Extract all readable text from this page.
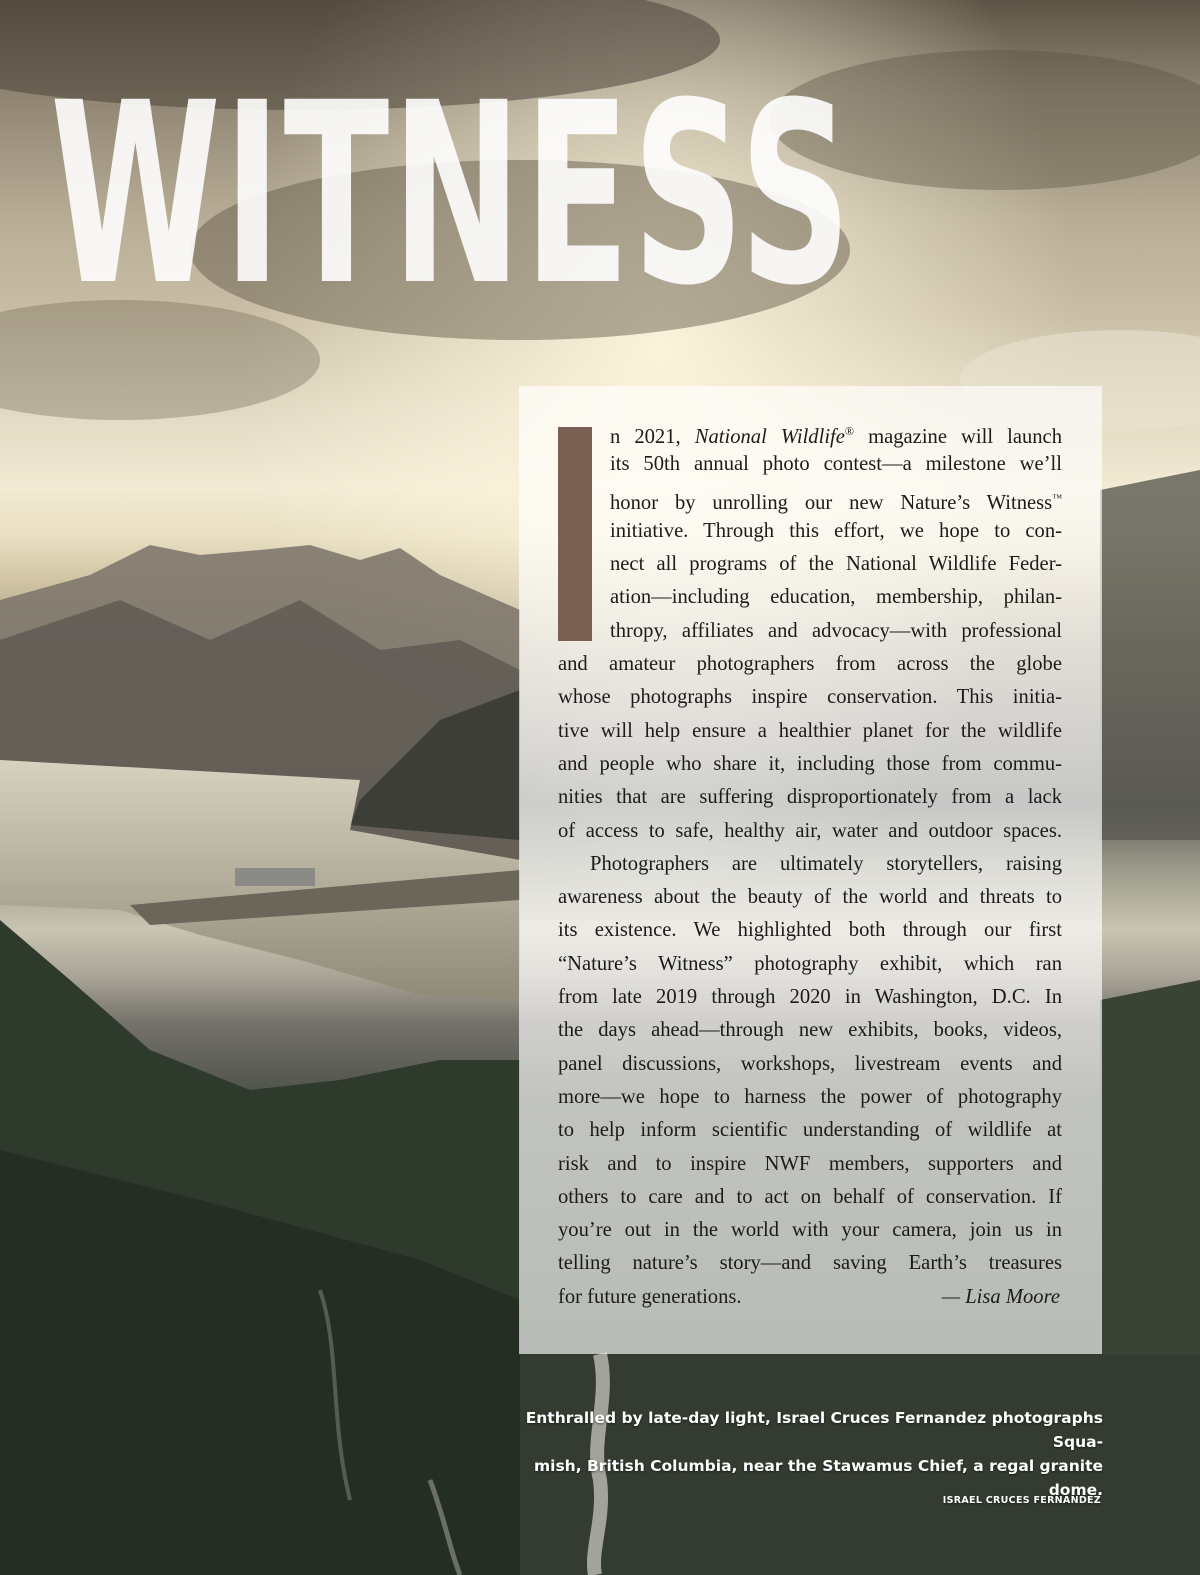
WITNESS

n 2021, National Wildlife® magazine will launch
its 50th annual photo contest—a milestone we’ll
honor by unrolling our new Nature’s Witness™
initiative. Through this effort, we hope to con-
nect all programs of the National Wildlife Feder-
ation—including education, membership, philan-
thropy, affiliates and advocacy—with professional
and amateur photographers from across the globe
whose photographs inspire conservation. This initia-
tive will help ensure a healthier planet for the wildlife
and people who share it, including those from commu-
nities that are suffering disproportionately from a lack
of access to safe, healthy air, water and outdoor spaces.

Photographers are ultimately storytellers, raising
awareness about the beauty of the world and threats to
its existence. We highlighted both through our first
“Nature’s Witness” photography exhibit, which ran
from late 2019 through 2020 in Washington, D.C. In
the days ahead—through new exhibits, books, videos,
panel discussions, workshops, livestream events and
more—we hope to harness the power of photography
to help inform scientific understanding of wildlife at
risk and to inspire NWF members, supporters and
others to care and to act on behalf of conservation. If
you’re out in the world with your camera, join us in
telling nature’s story—and saving Earth’s treasures
for future generations.	— Lisa Moore

Enthralled by late-day light, Israel Cruces Fernandez photographs Squa-
mish, British Columbia, near the Stawamus Chief, a regal granite dome.

ISRAEL CRUCES FERNANDEZ
